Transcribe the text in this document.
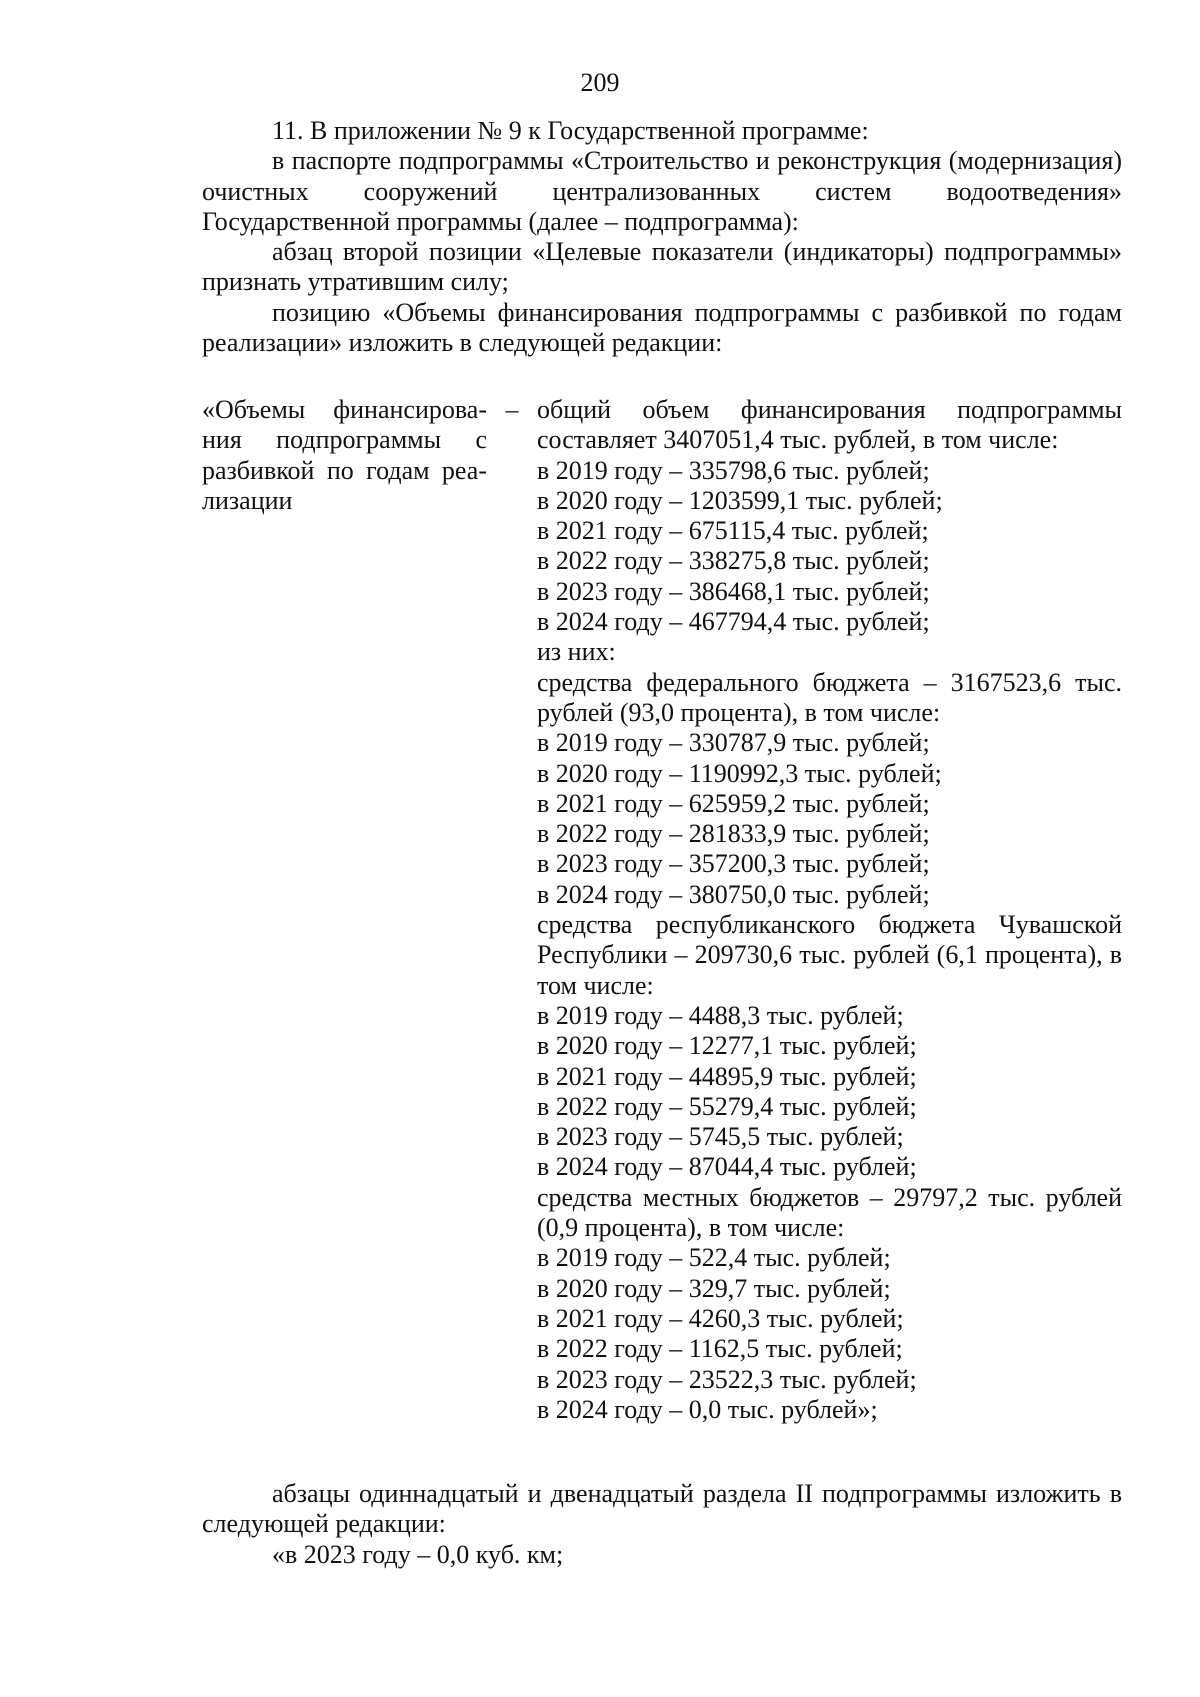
209

11. В приложении № 9 к Государственной программе:

в паспорте подпрограммы «Строительство и реконструкция (модернизация) очистных сооружений централизованных систем водоотведения» Государственной программы (далее – подпрограмма):

абзац второй позиции «Целевые показатели (индикаторы) подпрограммы» признать утратившим силу;

позицию «Объемы финансирования подпрограммы с разбивкой по годам реализации» изложить в следующей редакции:

«Объемы финансирова-

ния подпрограммы с

разбивкой по годам реа-

лизации

– общий объем финансирования подпрограммы составляет 3407051,4 тыс. рублей, в том числе:

в 2019 году – 335798,6 тыс. рублей;

в 2020 году – 1203599,1 тыс. рублей;

в 2021 году – 675115,4 тыс. рублей;

в 2022 году – 338275,8 тыс. рублей;

в 2023 году – 386468,1 тыс. рублей;

в 2024 году – 467794,4 тыс. рублей;

из них:

средства федерального бюджета – 3167523,6 тыс. рублей (93,0 процента), в том числе:

в 2019 году – 330787,9 тыс. рублей;

в 2020 году – 1190992,3 тыс. рублей;

в 2021 году – 625959,2 тыс. рублей;

в 2022 году – 281833,9 тыс. рублей;

в 2023 году – 357200,3 тыс. рублей;

в 2024 году – 380750,0 тыс. рублей;

средства республиканского бюджета Чувашской Республики – 209730,6 тыс. рублей (6,1 процента), в том числе:

в 2019 году – 4488,3 тыс. рублей;

в 2020 году – 12277,1 тыс. рублей;

в 2021 году – 44895,9 тыс. рублей;

в 2022 году – 55279,4 тыс. рублей;

в 2023 году – 5745,5 тыс. рублей;

в 2024 году – 87044,4 тыс. рублей;

средства местных бюджетов – 29797,2 тыс. рублей (0,9 процента), в том числе:

в 2019 году – 522,4 тыс. рублей;

в 2020 году – 329,7 тыс. рублей;

в 2021 году – 4260,3 тыс. рублей;

в 2022 году – 1162,5 тыс. рублей;

в 2023 году – 23522,3 тыс. рублей;

в 2024 году – 0,0 тыс. рублей»;

абзацы одиннадцатый и двенадцатый раздела II подпрограммы изложить в следующей редакции:

«в 2023 году – 0,0 куб. км;
